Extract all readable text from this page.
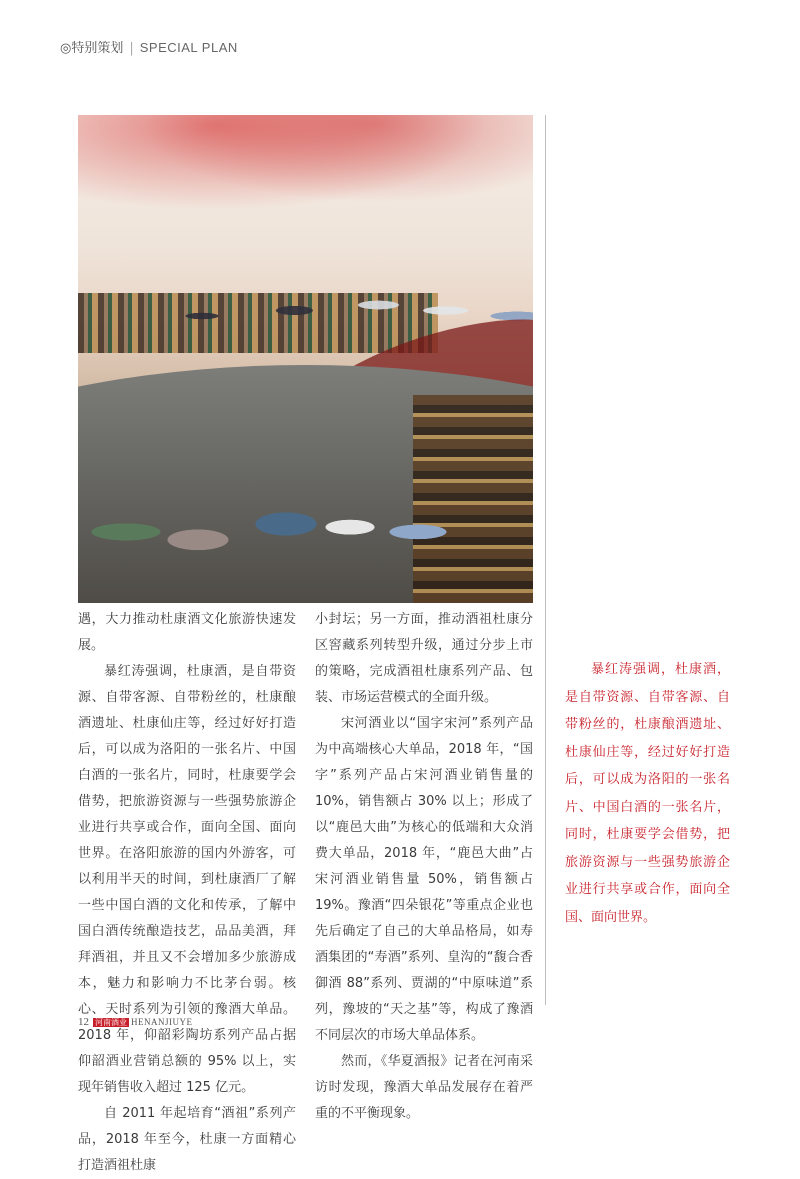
◎特别策划 | SPECIAL PLAN

遇，大力推动杜康酒文化旅游快速发展。

暴红涛强调，杜康酒，是自带资源、自带客源、自带粉丝的，杜康酿酒遗址、杜康仙庄等，经过好好打造后，可以成为洛阳的一张名片、中国白酒的一张名片，同时，杜康要学会借势，把旅游资源与一些强势旅游企业进行共享或合作，面向全国、面向世界。在洛阳旅游的国内外游客，可以利用半天的时间，到杜康酒厂了解一些中国白酒的文化和传承，了解中国白酒传统酿造技艺，品品美酒，拜拜酒祖，并且又不会增加多少旅游成本，魅力和影响力不比茅台弱。核心、天时系列为引领的豫酒大单品。2018 年，仰韶彩陶坊系列产品占据仰韶酒业营销总额的 95% 以上，实现年销售收入超过 125 亿元。

自 2011 年起培育“酒祖”系列产品，2018 年至今，杜康一方面精心打造酒祖杜康

小封坛；另一方面，推动酒祖杜康分区窖藏系列转型升级，通过分步上市的策略，完成酒祖杜康系列产品、包装、市场运营模式的全面升级。

宋河酒业以“国字宋河”系列产品为中高端核心大单品，2018 年，“国字”系列产品占宋河酒业销售量的 10%，销售额占 30% 以上；形成了以“鹿邑大曲”为核心的低端和大众消费大单品，2018 年，“鹿邑大曲”占宋河酒业销售量 50%，销售额占 19%。豫酒“四朵银花”等重点企业也先后确定了自己的大单品格局，如寿酒集团的“寿酒”系列、皇沟的“馥合香御酒 88”系列、贾湖的“中原味道”系列，豫坡的“天之基”等，构成了豫酒不同层次的市场大单品体系。

然而，《华夏酒报》记者在河南采访时发现，豫酒大单品发展存在着严重的不平衡现象。

暴红涛强调，杜康酒，是自带资源、自带客源、自带粉丝的，杜康酿酒遗址、杜康仙庄等，经过好好打造后，可以成为洛阳的一张名片、中国白酒的一张名片，同时，杜康要学会借势，把旅游资源与一些强势旅游企业进行共享或合作，面向全国、面向世界。

12 河南酒业 HENANJIUYE
